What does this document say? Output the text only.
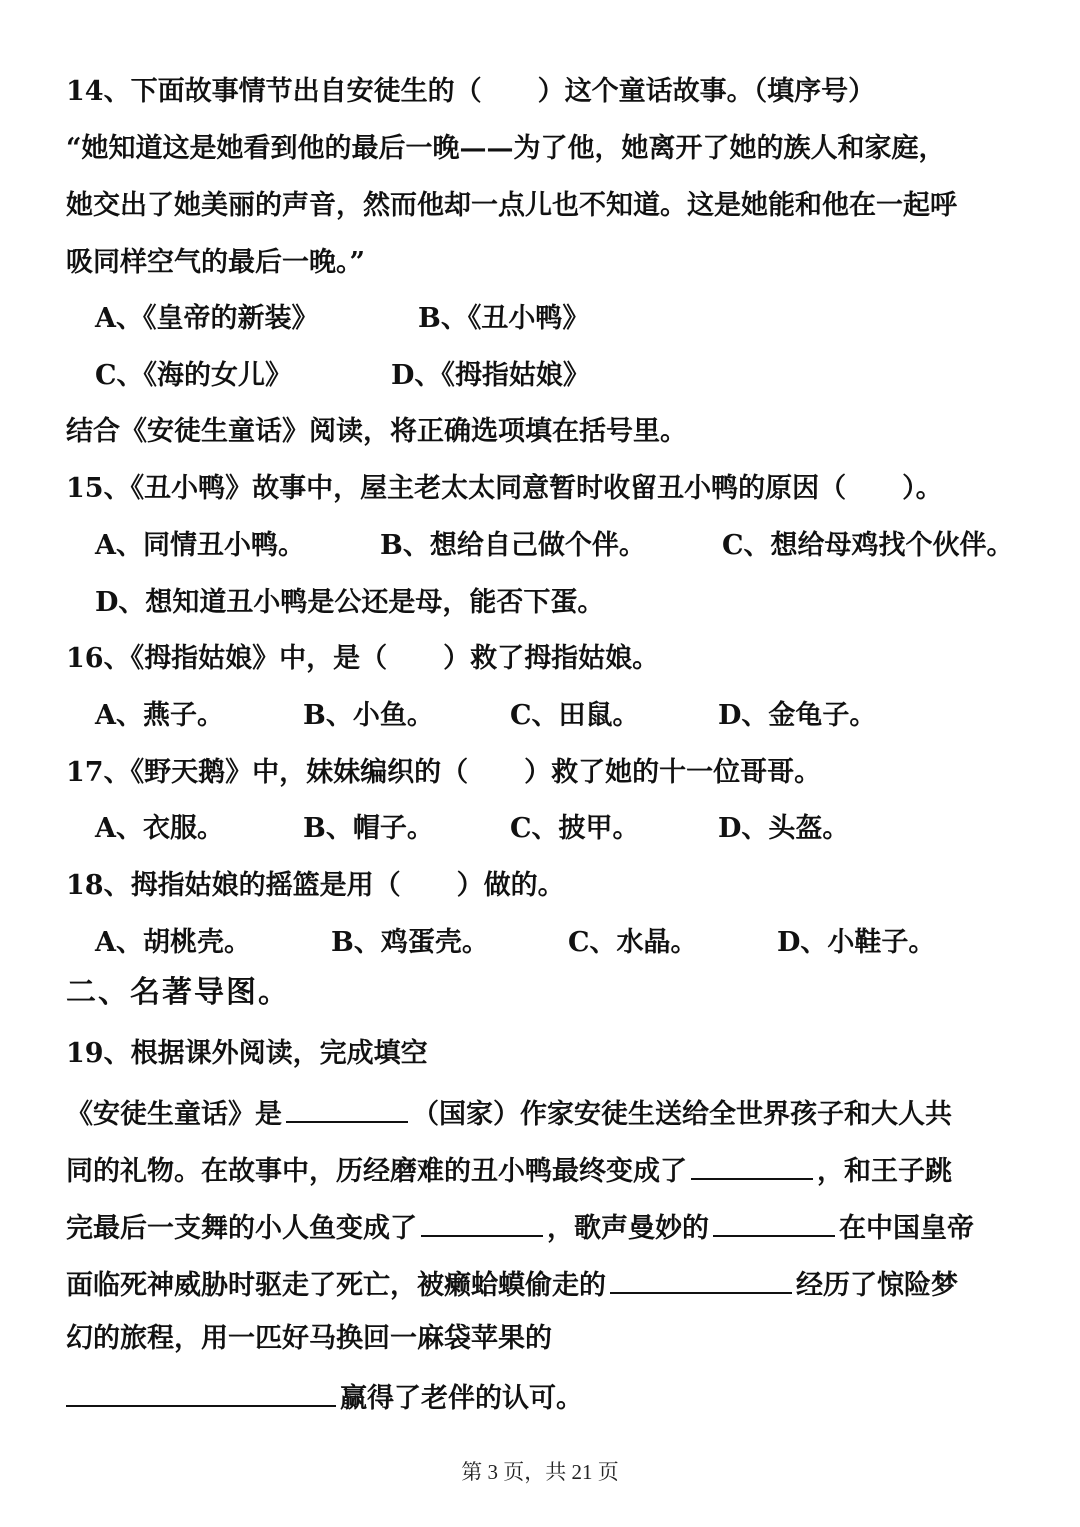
14、下面故事情节出自安徒生的（ ）这个童话故事。（填序号）
“她知道这是她看到他的最后一晚——为了他，她离开了她的族人和家庭，
她交出了她美丽的声音，然而他却一点儿也不知道。这是她能和他在一起呼
吸同样空气的最后一晚。”
A、《皇帝的新装》	B、《丑小鸭》
C、《海的女儿》	D、《拇指姑娘》
结合《安徒生童话》阅读，将正确选项填在括号里。
15、《丑小鸭》故事中，屋主老太太同意暂时收留丑小鸭的原因（ ）。
A、同情丑小鸭。	B、想给自己做个伴。	C、想给母鸡找个伙伴。
D、想知道丑小鸭是公还是母，能否下蛋。
16、《拇指姑娘》中，是（ ）救了拇指姑娘。
A、燕子。	B、小鱼。	C、田鼠。	D、金龟子。
17、《野天鹅》中，妹妹编织的（ ）救了她的十一位哥哥。
A、衣服。	B、帽子。	C、披甲。	D、头盔。
18、拇指姑娘的摇篮是用（ ）做的。
A、胡桃壳。	B、鸡蛋壳。	C、水晶。	D、小鞋子。
二、名著导图。
19、根据课外阅读，完成填空
《安徒生童话》是	（国家）作家安徒生送给全世界孩子和大人共
同的礼物。在故事中，历经磨难的丑小鸭最终变成了	，和王子跳
完最后一支舞的小人鱼变成了	，歌声曼妙的	在中国皇帝
面临死神威胁时驱走了死亡，被癞蛤蟆偷走的	经历了惊险梦
幻的旅程，用一匹好马换回一麻袋苹果的
赢得了老伴的认可。
第 3 页，共 21 页
